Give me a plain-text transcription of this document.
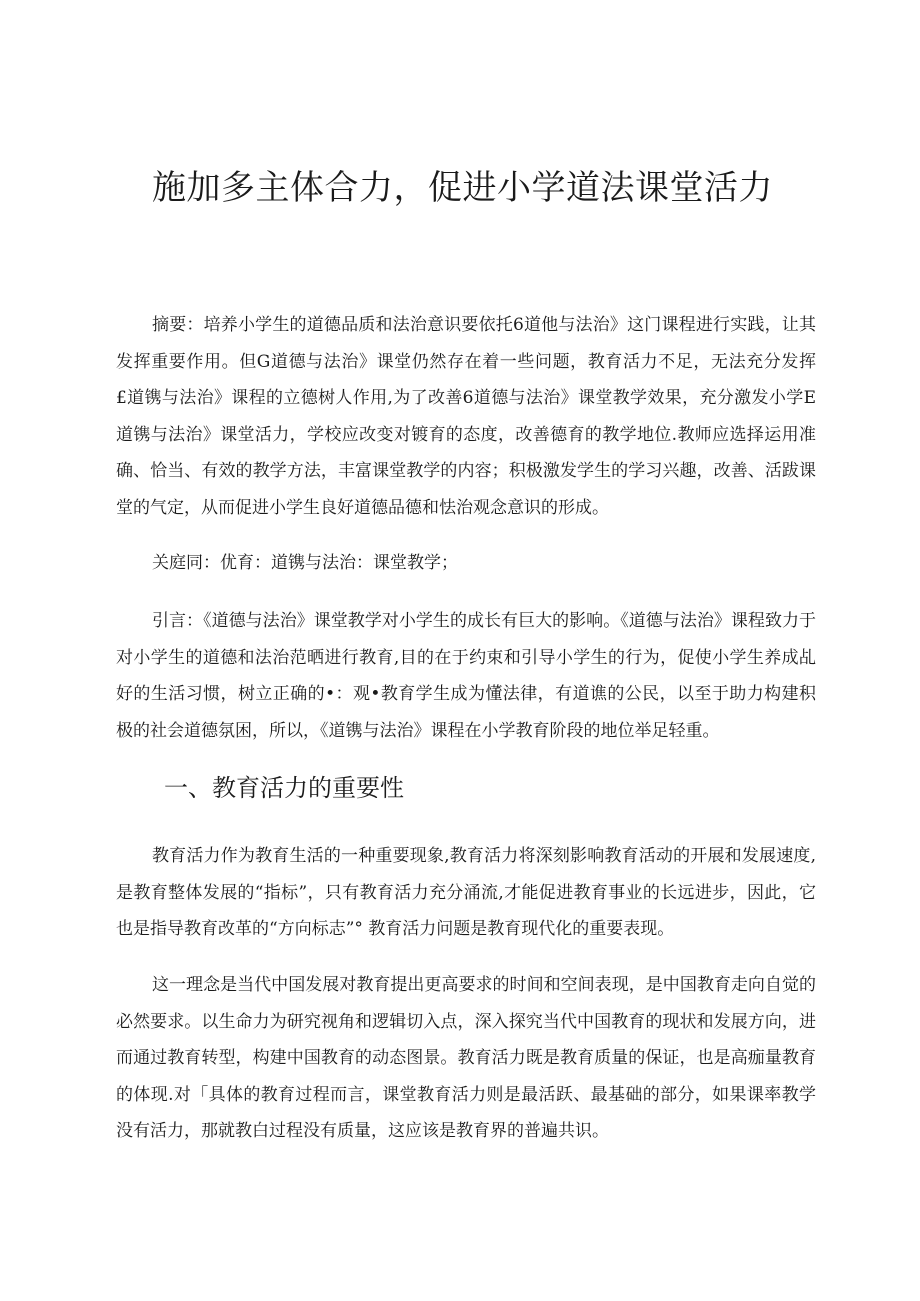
施加多主体合力，促进小学道法课堂活力

摘要：培养小学生的道德品质和法治意识要依托6道他与法治》这门课程进行实践，让其发挥重要作用。但G道德与法治》课堂仍然存在着一些问题，教育活力不足，无法充分发挥£道镌与法治》课程的立德树人作用,为了改善6道德与法治》课堂教学效果，充分激发小学E道镌与法治》课堂活力，学校应改变对镀育的态度，改善德育的教学地位.教师应选择运用准确、恰当、有效的教学方法，丰富课堂教学的内容；积极激发学生的学习兴趣，改善、活跋课堂的气定，从而促进小学生良好道德品德和怯治观念意识的形成。

关庭同：优育：道镌与法治：课堂教学；

引言：《道德与法治》课堂教学对小学生的成长有巨大的影响。《道德与法治》课程致力于对小学生的道德和法治范晒进行教育,目的在于约束和引导小学生的行为，促使小学生养成乩好的生活习惯，树立正确的•：观•教育学生成为懂法律，有道谯的公民，以至于助力构建积极的社会道德氛困，所以，《道镌与法治》课程在小学教育阶段的地位举足轻重。

一、教育活力的重要性

教育活力作为教育生活的一种重要现象,教育活力将深刻影响教育活动的开展和发展速度,是教育整体发展的“指标”，只有教育活力充分涌流,才能促进教育事业的长远进步，因此，它也是指导教育改革的“方向标志”° 教育活力问题是教育现代化的重要表现。

这一理念是当代中国发展对教育提出更高要求的时间和空间表现，是中国教育走向自觉的必然要求。以生命力为研究视角和逻辑切入点，深入探究当代中国教育的现状和发展方向，进而通过教育转型，构建中国教育的动态图景。教育活力既是教育质量的保证，也是高痂量教育的体现.对「具体的教育过程而言，课堂教育活力则是最活跃、最基础的部分，如果课率教学没有活力，那就教白过程没有质量，这应该是教育界的普遍共识。
